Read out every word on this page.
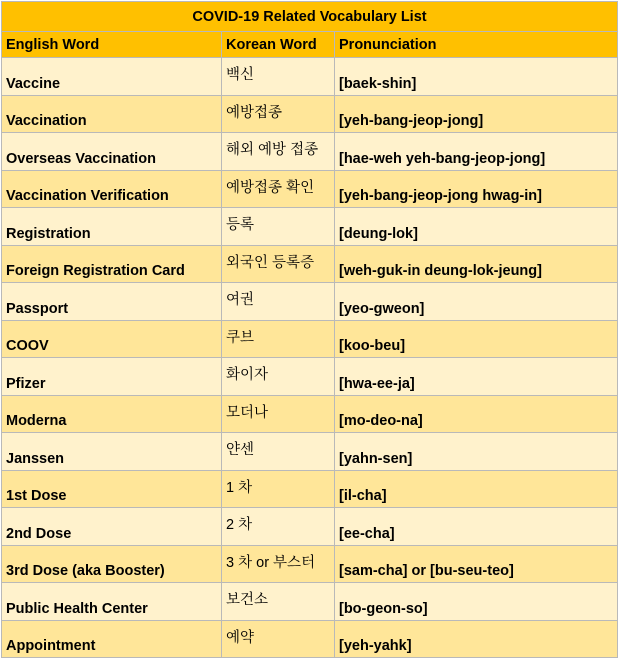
COVID-19 Related Vocabulary List		
English Word	Korean Word	Pronunciation
Vaccine	백신	[baek-shin]
Vaccination	예방접종	[yeh-bang-jeop-jong]
Overseas Vaccination	해외 예방 접종	[hae-weh yeh-bang-jeop-jong]
Vaccination Verification	예방접종 확인	[yeh-bang-jeop-jong hwag-in]
Registration	등록	[deung-lok]
Foreign Registration Card	외국인 등록증	[weh-guk-in deung-lok-jeung]
Passport	여권	[yeo-gweon]
COOV	쿠브	[koo-beu]
Pfizer	화이자	[hwa-ee-ja]
Moderna	모더나	[mo-deo-na]
Janssen	얀센	[yahn-sen]
1st Dose	1 차	[il-cha]
2nd Dose	2 차	[ee-cha]
3rd Dose (aka Booster)	3 차 or 부스터	[sam-cha] or [bu-seu-teo]
Public Health Center	보건소	[bo-geon-so]
Appointment	예약	[yeh-yahk]
